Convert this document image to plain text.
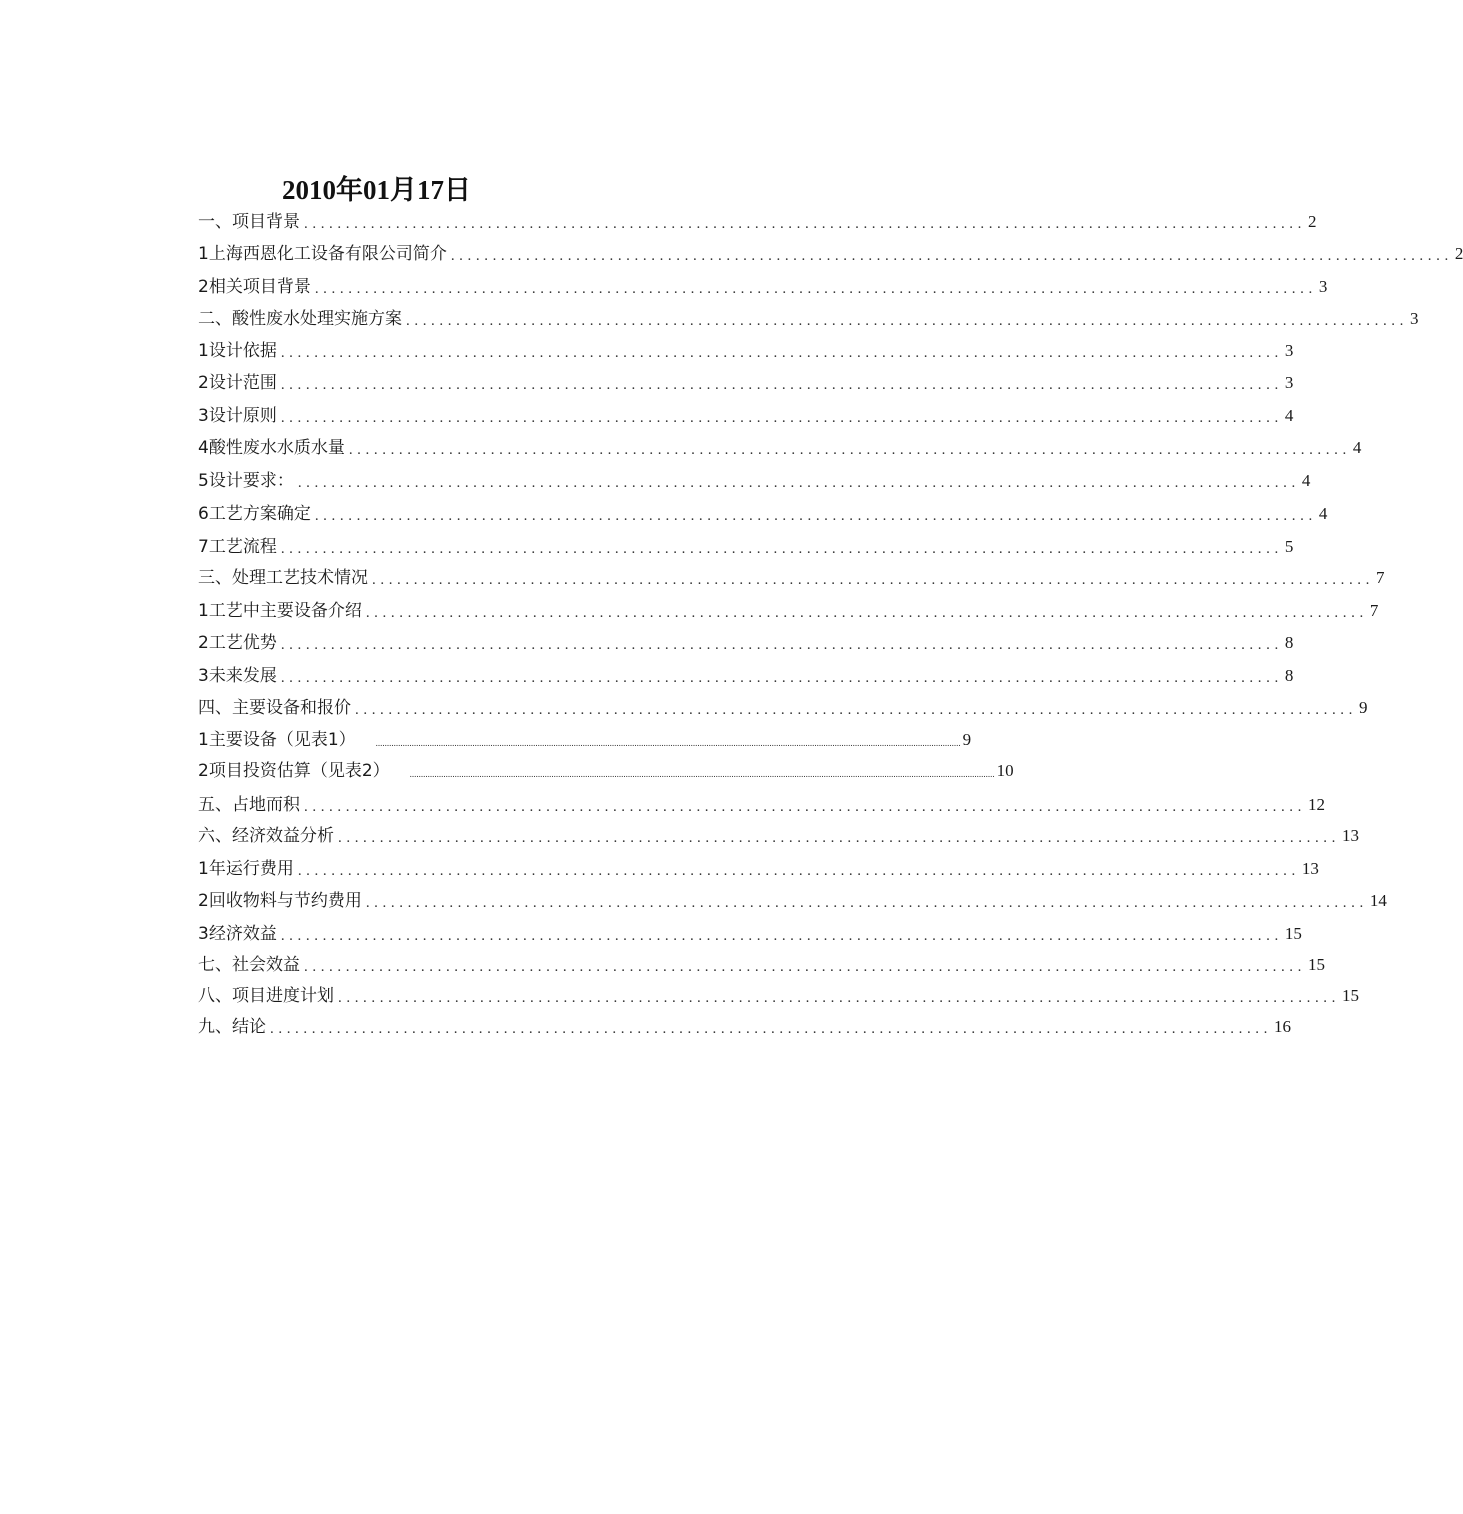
2010年01月17日
一、项目背景 ........................................................................................................................ 2
1上海西恩化工设备有限公司简介 ........................................................................................................................ 2
2相关项目背景 ........................................................................................................................ 3
二、酸性废水处理实施方案 ........................................................................................................................ 3
1设计依据 ........................................................................................................................ 3
2设计范围 ........................................................................................................................ 3
3设计原则 ........................................................................................................................ 4
4酸性废水水质水量 ........................................................................................................................ 4
5设计要求： ........................................................................................................................ 4
6工艺方案确定 ........................................................................................................................ 4
7工艺流程 ........................................................................................................................ 5
三、处理工艺技术情况 ........................................................................................................................ 7
1工艺中主要设备介绍 ........................................................................................................................ 7
2工艺优势 ........................................................................................................................ 8
3未来发展 ........................................................................................................................ 8
四、主要设备和报价 ........................................................................................................................ 9
1主要设备（见表1） .................................................................................................................................................................................................................................................................... 9
2项目投资估算（见表2） .................................................................................................................................................................................................................................................................... 10
五、占地而积 ........................................................................................................................ 12
六、经济效益分析 ........................................................................................................................ 13
1年运行费用 ........................................................................................................................ 13
2回收物料与节约费用 ........................................................................................................................ 14
3经济效益 ........................................................................................................................ 15
七、社会效益 ........................................................................................................................ 15
八、项目进度计划 ........................................................................................................................ 15
九、结论 ........................................................................................................................ 16
